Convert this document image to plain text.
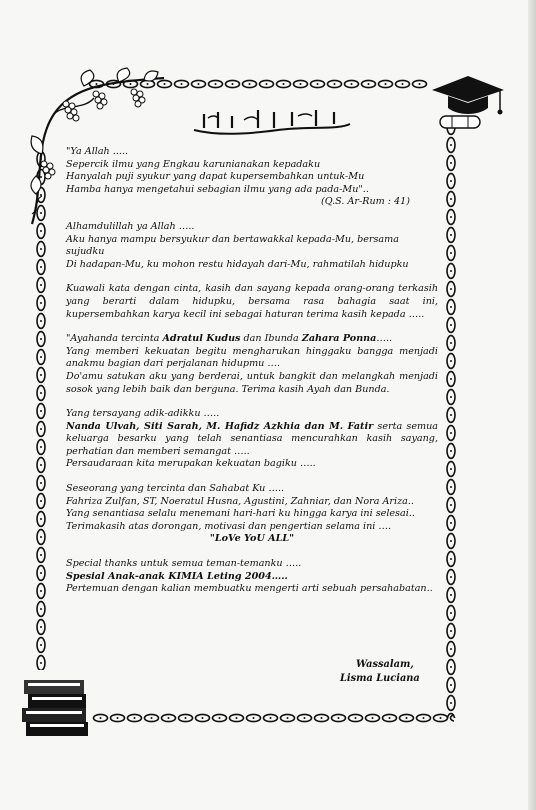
"Ya Allah .....

Sepercik ilmu yang Engkau karunianakan kepadaku

Hanyalah puji syukur yang dapat kupersembahkan untuk-Mu

Hamba hanya mengetahui sebagian ilmu yang ada pada-Mu"..

(Q.S. Ar-Rum : 41)

Alhamdulillah ya Allah …..

Aku hanya mampu bersyukur dan bertawakkal kepada-Mu, bersama sujudku

Di hadapan-Mu, ku mohon restu hidayah dari-Mu, rahmatilah hidupku

Kuawali kata dengan cinta, kasih dan sayang kepada orang-orang terkasih yang berarti dalam hidupku, bersama rasa bahagia saat ini, kupersembahkan karya kecil ini sebagai haturan terima kasih kepada …..

"Ayahanda tercinta Adratul Kudus dan Ibunda Zahara Ponna…..

Yang memberi kekuatan begitu mengharukan hinggaku bangga menjadi anakmu bagian dari perjalanan hidupmu ….

Do'amu satukan aku yang berderai, untuk bangkit dan melangkah menjadi sosok yang lebih baik dan berguna. Terima kasih Ayah dan Bunda.

Yang tersayang adik-adikku …..

Nanda Ulvah, Siti Sarah, M. Hafidz Azkhia dan M. Fatir serta semua keluarga besarku yang telah senantiasa mencurahkan kasih sayang, perhatian dan memberi semangat …..

Persaudaraan kita merupakan kekuatan bagiku …..

Seseorang yang tercinta dan Sahabat Ku …..

Fahriza Zulfan, ST, Noeratul Husna, Agustini, Zahniar, dan Nora Ariza..

Yang senantiasa selalu menemani hari-hari ku hingga karya ini selesai..

Terimakasih atas dorongan, motivasi dan pengertian selama ini ….

"LoVe YoU ALL"

Special thanks untuk semua teman-temanku …..

Spesial Anak-anak KIMIA Leting 2004…..

Pertemuan dengan kalian membuatku mengerti arti sebuah persahabatan..

Wassalam,

Lisma Luciana
